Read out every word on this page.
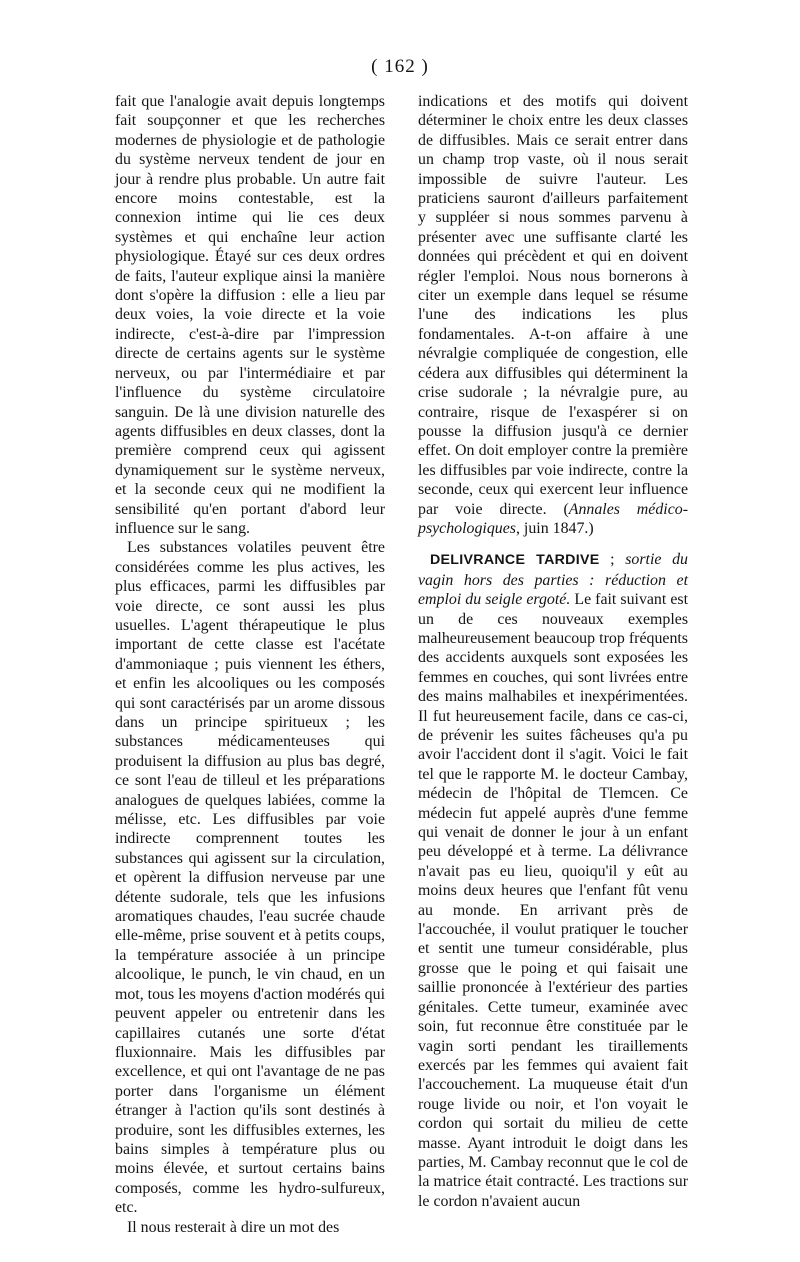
( 162 )

fait que l'analogie avait depuis longtemps fait soupçonner et que les recherches modernes de physiologie et de pathologie du système nerveux tendent de jour en jour à rendre plus probable. Un autre fait encore moins contestable, est la connexion intime qui lie ces deux systèmes et qui enchaîne leur action physiologique. Étayé sur ces deux ordres de faits, l'auteur explique ainsi la manière dont s'opère la diffusion : elle a lieu par deux voies, la voie directe et la voie indirecte, c'est-à-dire par l'impression directe de certains agents sur le système nerveux, ou par l'intermédiaire et par l'influence du système circulatoire sanguin. De là une division naturelle des agents diffusibles en deux classes, dont la première comprend ceux qui agissent dynamiquement sur le système nerveux, et la seconde ceux qui ne modifient la sensibilité qu'en portant d'abord leur influence sur le sang.

Les substances volatiles peuvent être considérées comme les plus actives, les plus efficaces, parmi les diffusibles par voie directe, ce sont aussi les plus usuelles. L'agent thérapeutique le plus important de cette classe est l'acétate d'ammoniaque ; puis viennent les éthers, et enfin les alcooliques ou les composés qui sont caractérisés par un arome dissous dans un principe spiritueux ; les substances médicamenteuses qui produisent la diffusion au plus bas degré, ce sont l'eau de tilleul et les préparations analogues de quelques labiées, comme la mélisse, etc. Les diffusibles par voie indirecte comprennent toutes les substances qui agissent sur la circulation, et opèrent la diffusion nerveuse par une détente sudorale, tels que les infusions aromatiques chaudes, l'eau sucrée chaude elle-même, prise souvent et à petits coups, la température associée à un principe alcoolique, le punch, le vin chaud, en un mot, tous les moyens d'action modérés qui peuvent appeler ou entretenir dans les capillaires cutanés une sorte d'état fluxionnaire. Mais les diffusibles par excellence, et qui ont l'avantage de ne pas porter dans l'organisme un élément étranger à l'action qu'ils sont destinés à produire, sont les diffusibles externes, les bains simples à température plus ou moins élevée, et surtout certains bains composés, comme les hydro-sulfureux, etc.

Il nous resterait à dire un mot des

indications et des motifs qui doivent déterminer le choix entre les deux classes de diffusibles. Mais ce serait entrer dans un champ trop vaste, où il nous serait impossible de suivre l'auteur. Les praticiens sauront d'ailleurs parfaitement y suppléer si nous sommes parvenu à présenter avec une suffisante clarté les données qui précèdent et qui en doivent régler l'emploi. Nous nous bornerons à citer un exemple dans lequel se résume l'une des indications les plus fondamentales. A-t-on affaire à une névralgie compliquée de congestion, elle cédera aux diffusibles qui déterminent la crise sudorale ; la névralgie pure, au contraire, risque de l'exaspérer si on pousse la diffusion jusqu'à ce dernier effet. On doit employer contre la première les diffusibles par voie indirecte, contre la seconde, ceux qui exercent leur influence par voie directe. (Annales médico-psychologiques, juin 1847.)

DELIVRANCE TARDIVE ; sortie du vagin hors des parties : réduction et emploi du seigle ergoté. Le fait suivant est un de ces nouveaux exemples malheureusement beaucoup trop fréquents des accidents auxquels sont exposées les femmes en couches, qui sont livrées entre des mains malhabiles et inexpérimentées. Il fut heureusement facile, dans ce cas-ci, de prévenir les suites fâcheuses qu'a pu avoir l'accident dont il s'agit. Voici le fait tel que le rapporte M. le docteur Cambay, médecin de l'hôpital de Tlemcen. Ce médecin fut appelé auprès d'une femme qui venait de donner le jour à un enfant peu développé et à terme. La délivrance n'avait pas eu lieu, quoiqu'il y eût au moins deux heures que l'enfant fût venu au monde. En arrivant près de l'accouchée, il voulut pratiquer le toucher et sentit une tumeur considérable, plus grosse que le poing et qui faisait une saillie prononcée à l'extérieur des parties génitales. Cette tumeur, examinée avec soin, fut reconnue être constituée par le vagin sorti pendant les tiraillements exercés par les femmes qui avaient fait l'accouchement. La muqueuse était d'un rouge livide ou noir, et l'on voyait le cordon qui sortait du milieu de cette masse. Ayant introduit le doigt dans les parties, M. Cambay reconnut que le col de la matrice était contracté. Les tractions sur le cordon n'avaient aucun
